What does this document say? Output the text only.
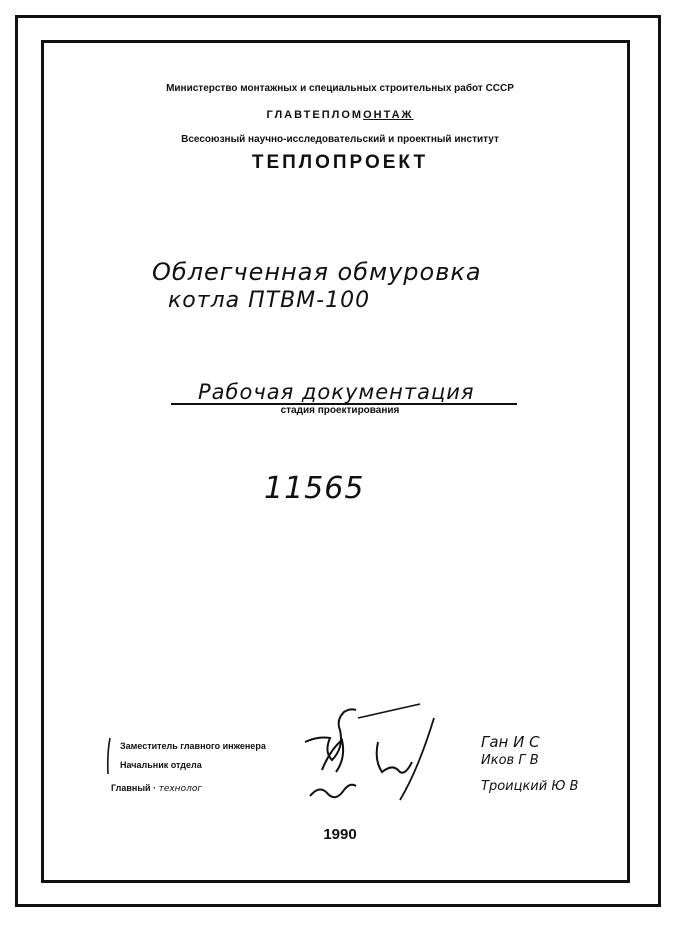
Министерство монтажных и специальных строительных работ СССР
ГЛАВТЕПЛОМОНТАЖ
Всесоюзный научно-исследовательский и проектный институт
ТЕПЛОПРОЕКТ
Облегченная обмуровка
котла ПТВМ-100
Рабочая документация
стадия проектирования
11565
Заместитель главного инженера
Начальник отдела
Главный · технолог
Ган И С
Иков Г В
Троицкий Ю В
1990
